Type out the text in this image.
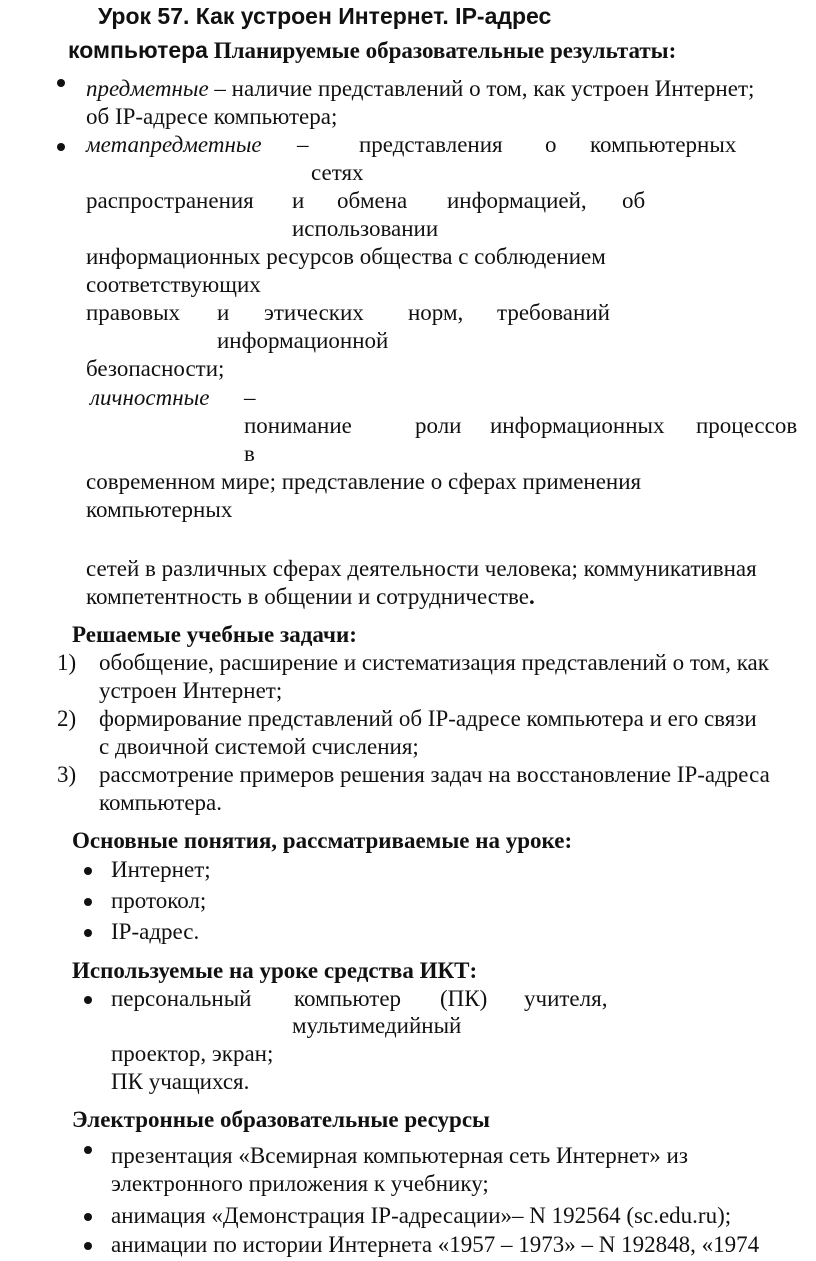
Урок 57. Как устроен Интернет. IP-адрес
компьютера Планируемые образовательные результаты:
предметные – наличие представлений о том, как устроен Интернет;
об IP-адресе компьютера;
метапредметные – представления о компьютерных
сетях
распространения и обмена информацией, об
использовании
информационных ресурсов общества с соблюдением
соответствующих
правовых и этических норм, требований
информационной
безопасности;
личностные –
понимание	роли информационных процессов
в
современном мире; представление о сферах применения
компьютерных
сетей в различных сферах деятельности человека; коммуникативная
компетентность в общении и сотрудничестве.
Решаемые учебные задачи:
1) обобщение, расширение и систематизация представлений о том, как
устроен Интернет;
2) формирование представлений об IP-адресе компьютера и его связи
с двоичной системой счисления;
3) рассмотрение примеров решения задач на восстановление IP-адреса
компьютера.
Основные понятия, рассматриваемые на уроке:
Интернет;
протокол;
IP-адрес.
Используемые на уроке средства ИКТ:
персональный компьютер (ПК) учителя,
мультимедийный
проектор, экран;
ПК учащихся.
Электронные образовательные ресурсы
презентация «Всемирная компьютерная сеть Интернет» из
электронного приложения к учебнику;
анимация «Демонстрация IP-адресации»– N 192564 (sc.edu.ru);
анимации по истории Интернета «1957 – 1973» – N 192848, «1974
